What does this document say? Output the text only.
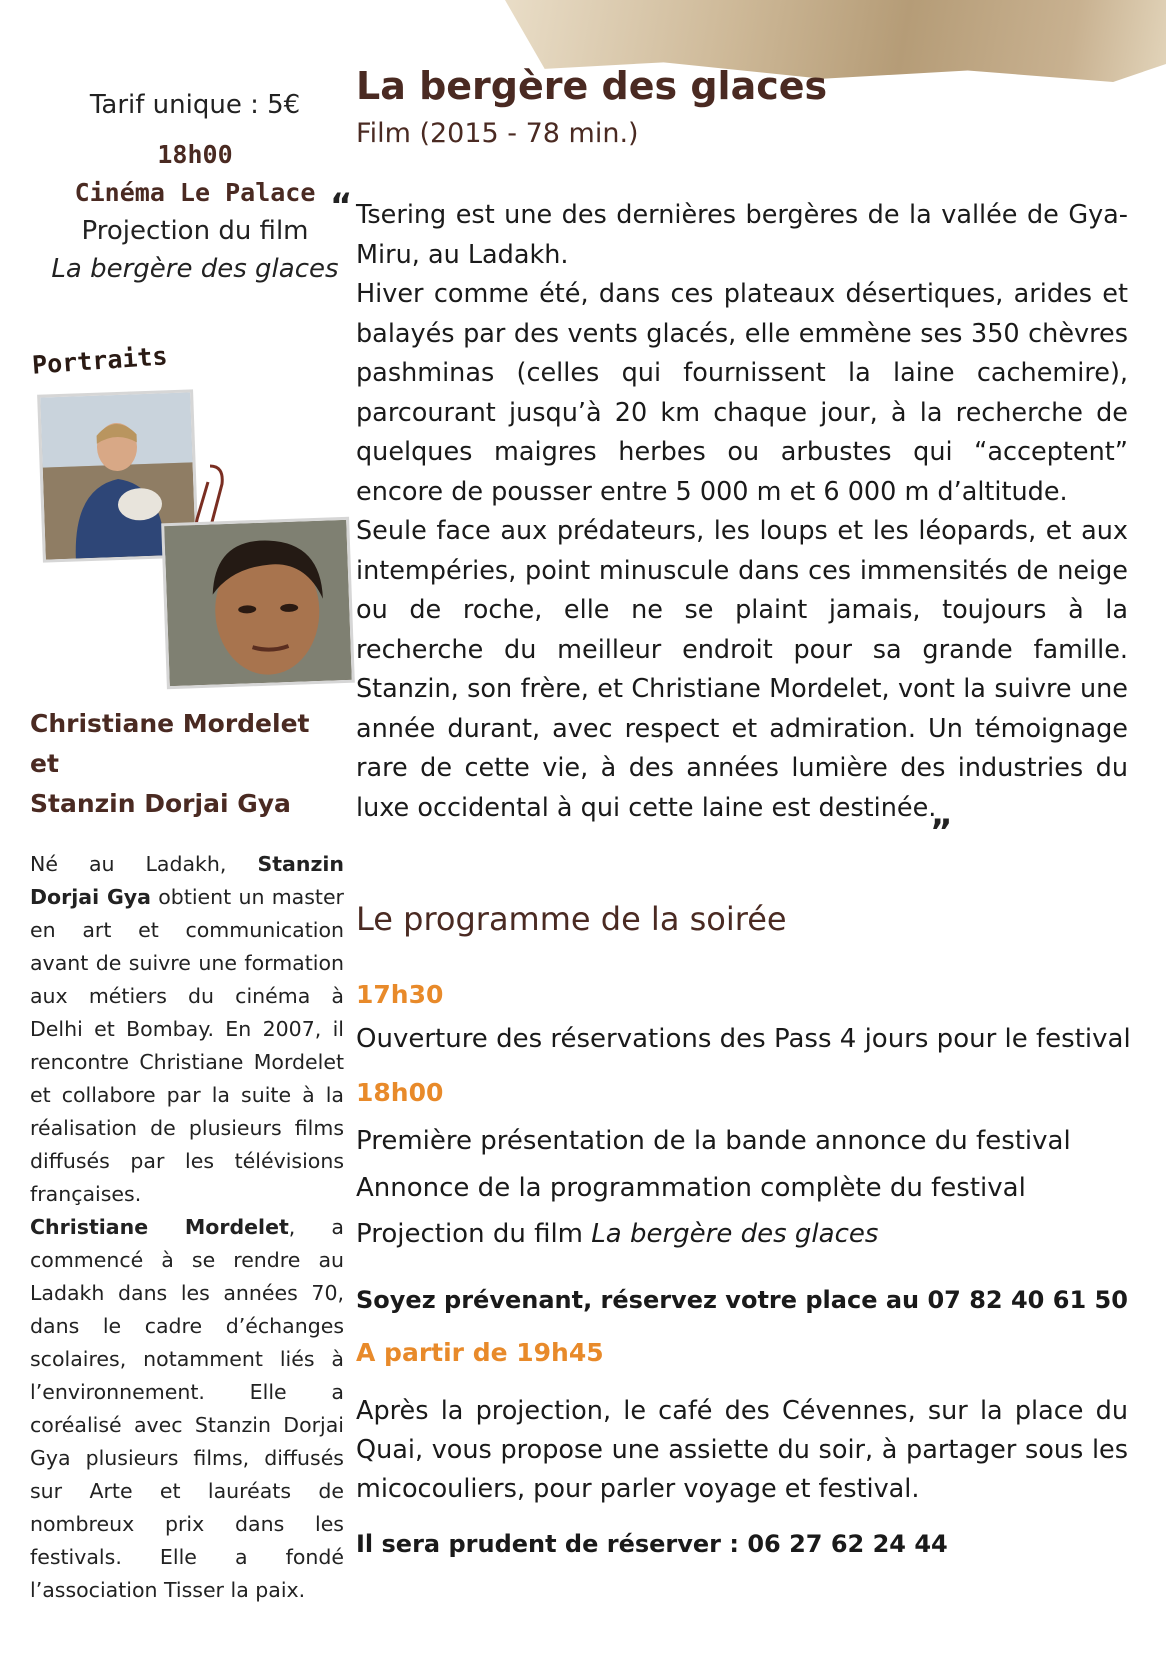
Tarif unique : 5€
18h00
Cinéma Le Palace
Projection du film
La bergère des glaces
Portraits
Christiane Mordelet
et
Stanzin Dorjai Gya
Né au Ladakh, Stanzin Dorjai Gya obtient un master en art et communication avant de suivre une formation aux métiers du cinéma à Delhi et Bombay. En 2007, il rencontre Christiane Mordelet et collabore par la suite à la réalisation de plusieurs films diffusés par les télévisions françaises.
Christiane Mordelet, a commencé à se rendre au Ladakh dans les années 70, dans le cadre d’échanges scolaires, notamment liés à l’environnement. Elle a coréalisé avec Stanzin Dorjai Gya plusieurs films, diffusés sur Arte et lauréats de nombreux prix dans les festivals. Elle a fondé l’association Tisser la paix.
La bergère des glaces
Film (2015 - 78 min.)
“ Tsering est une des dernières bergères de la vallée de Gya-Miru, au Ladakh.

Hiver comme été, dans ces plateaux désertiques, arides et balayés par des vents glacés, elle emmène ses 350 chèvres pashminas (celles qui fournissent la laine cachemire), parcourant jusqu’à 20 km chaque jour, à la recherche de quelques maigres herbes ou arbustes qui “acceptent” encore de pousser entre 5 000 m et 6 000 m d’altitude.

Seule face aux prédateurs, les loups et les léopards, et aux intempéries, point minuscule dans ces immensités de neige ou de roche, elle ne se plaint jamais, toujours à la recherche du meilleur endroit pour sa grande famille. Stanzin, son frère, et Christiane Mordelet, vont la suivre une année durant, avec respect et admiration. Un témoignage rare de cette vie, à des années lumière des industries du luxe occidental à qui cette laine est destinée.

”
Le programme de la soirée
17h30
Ouverture des réservations des Pass 4 jours pour le festival
18h00
Première présentation de la bande annonce du festival
Annonce de la programmation complète du festival
Projection du film La bergère des glaces
Soyez prévenant, réservez votre place au 07 82 40 61 50
A partir de 19h45
Après la projection, le café des Cévennes, sur la place du Quai, vous propose une assiette du soir, à partager sous les micocouliers, pour parler voyage et festival.
Il sera prudent de réserver : 06 27 62 24 44
